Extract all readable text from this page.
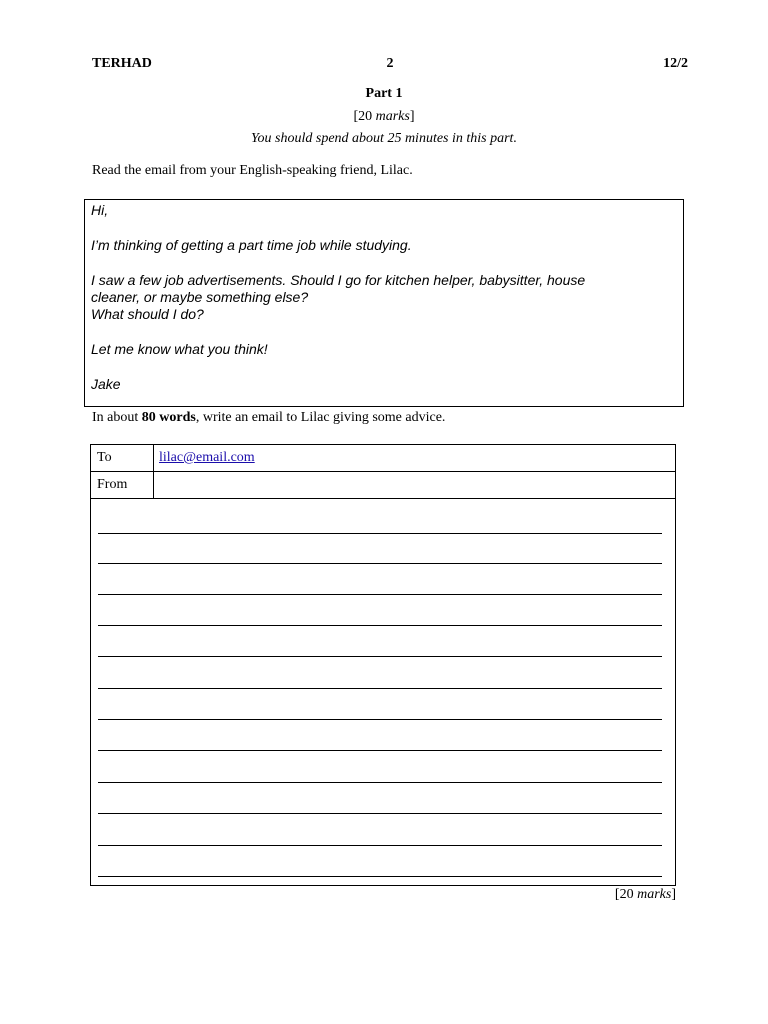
TERHAD	2	12/2
Part 1
[20 marks]
You should spend about 25 minutes in this part.
Read the email from your English-speaking friend, Lilac.

Hi,

I’m thinking of getting a part time job while studying.

I saw a few job advertisements. Should I go for kitchen helper, babysitter, house

cleaner, or maybe something else?

What should I do?

Let me know what you think!

Jake

In about 80 words, write an email to Lilac giving some advice.
To	lilac@email.com
From
[20 marks]
